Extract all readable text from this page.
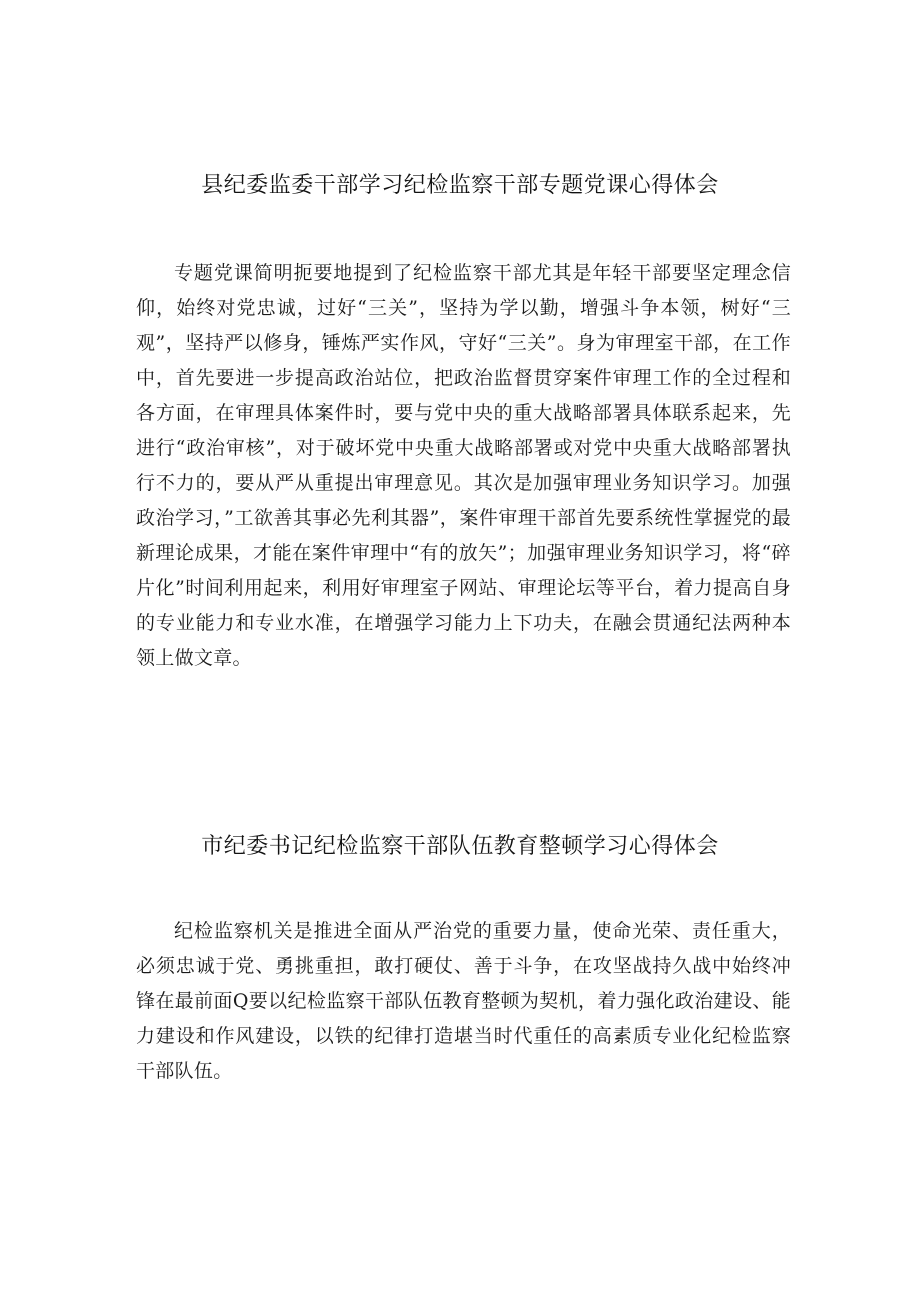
县纪委监委干部学习纪检监察干部专题党课心得体会

专题党课简明扼要地提到了纪检监察干部尤其是年轻干部要坚定理念信仰，始终对党忠诚，过好“三关”，坚持为学以勤，增强斗争本领，树好“三观”，坚持严以修身，锤炼严实作风，守好“三关”。身为审理室干部，在工作中，首先要进一步提高政治站位，把政治监督贯穿案件审理工作的全过程和各方面，在审理具体案件时，要与党中央的重大战略部署具体联系起来，先进行“政治审核”，对于破坏党中央重大战略部署或对党中央重大战略部署执行不力的，要从严从重提出审理意见。其次是加强审理业务知识学习。加强政治学习，”工欲善其事必先利其器”，案件审理干部首先要系统性掌握党的最新理论成果，才能在案件审理中“有的放矢”；加强审理业务知识学习，将“碎片化”时间利用起来，利用好审理室子网站、审理论坛等平台，着力提高自身的专业能力和专业水准，在增强学习能力上下功夫，在融会贯通纪法两种本领上做文章。

市纪委书记纪检监察干部队伍教育整顿学习心得体会

纪检监察机关是推进全面从严治党的重要力量，使命光荣、责任重大，必须忠诚于党、勇挑重担，敢打硬仗、善于斗争，在攻坚战持久战中始终冲锋在最前面Q要以纪检监察干部队伍教育整顿为契机，着力强化政治建设、能力建设和作风建设，以铁的纪律打造堪当时代重任的高素质专业化纪检监察干部队伍。
